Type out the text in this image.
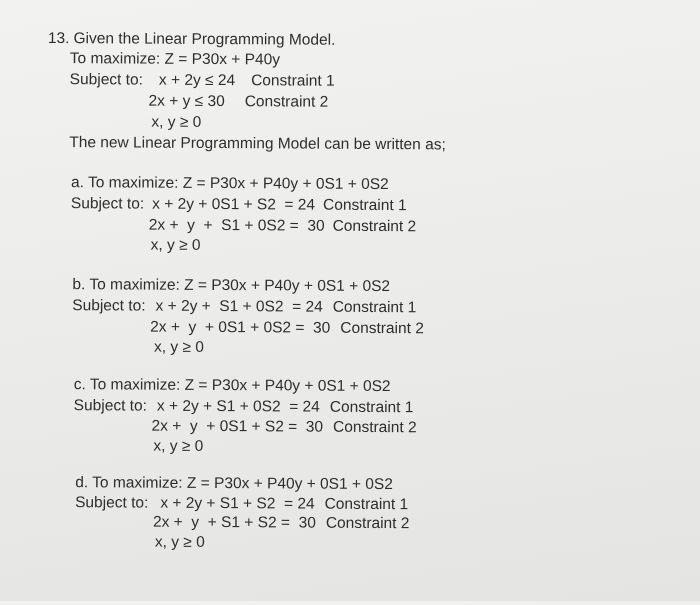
13. Given the Linear Programming Model.
To maximize: Z = P30x + P40y
Subject to: x + 2y ≤ 24 Constraint 1
2x + y ≤ 30 Constraint 2
x, y ≥ 0
The new Linear Programming Model can be written as;
a. To maximize: Z = P30x + P40y + 0S1 + 0S2
Subject to: x + 2y + 0S1 + S2  = 24 Constraint 1
2x +  y  +  S1 + 0S2 =  30 Constraint 2
x, y ≥ 0
b. To maximize: Z = P30x + P40y + 0S1 + 0S2
Subject to: x + 2y +  S1 + 0S2  = 24 Constraint 1
2x +  y  + 0S1 + 0S2 =  30 Constraint 2
x, y ≥ 0
c. To maximize: Z = P30x + P40y + 0S1 + 0S2
Subject to: x + 2y + S1 + 0S2  = 24 Constraint 1
2x +  y  + 0S1 + S2 =  30 Constraint 2
x, y ≥ 0
d. To maximize: Z = P30x + P40y + 0S1 + 0S2
Subject to: x + 2y + S1 + S2  = 24 Constraint 1
2x +  y  + S1 + S2 =  30 Constraint 2
x, y ≥ 0
